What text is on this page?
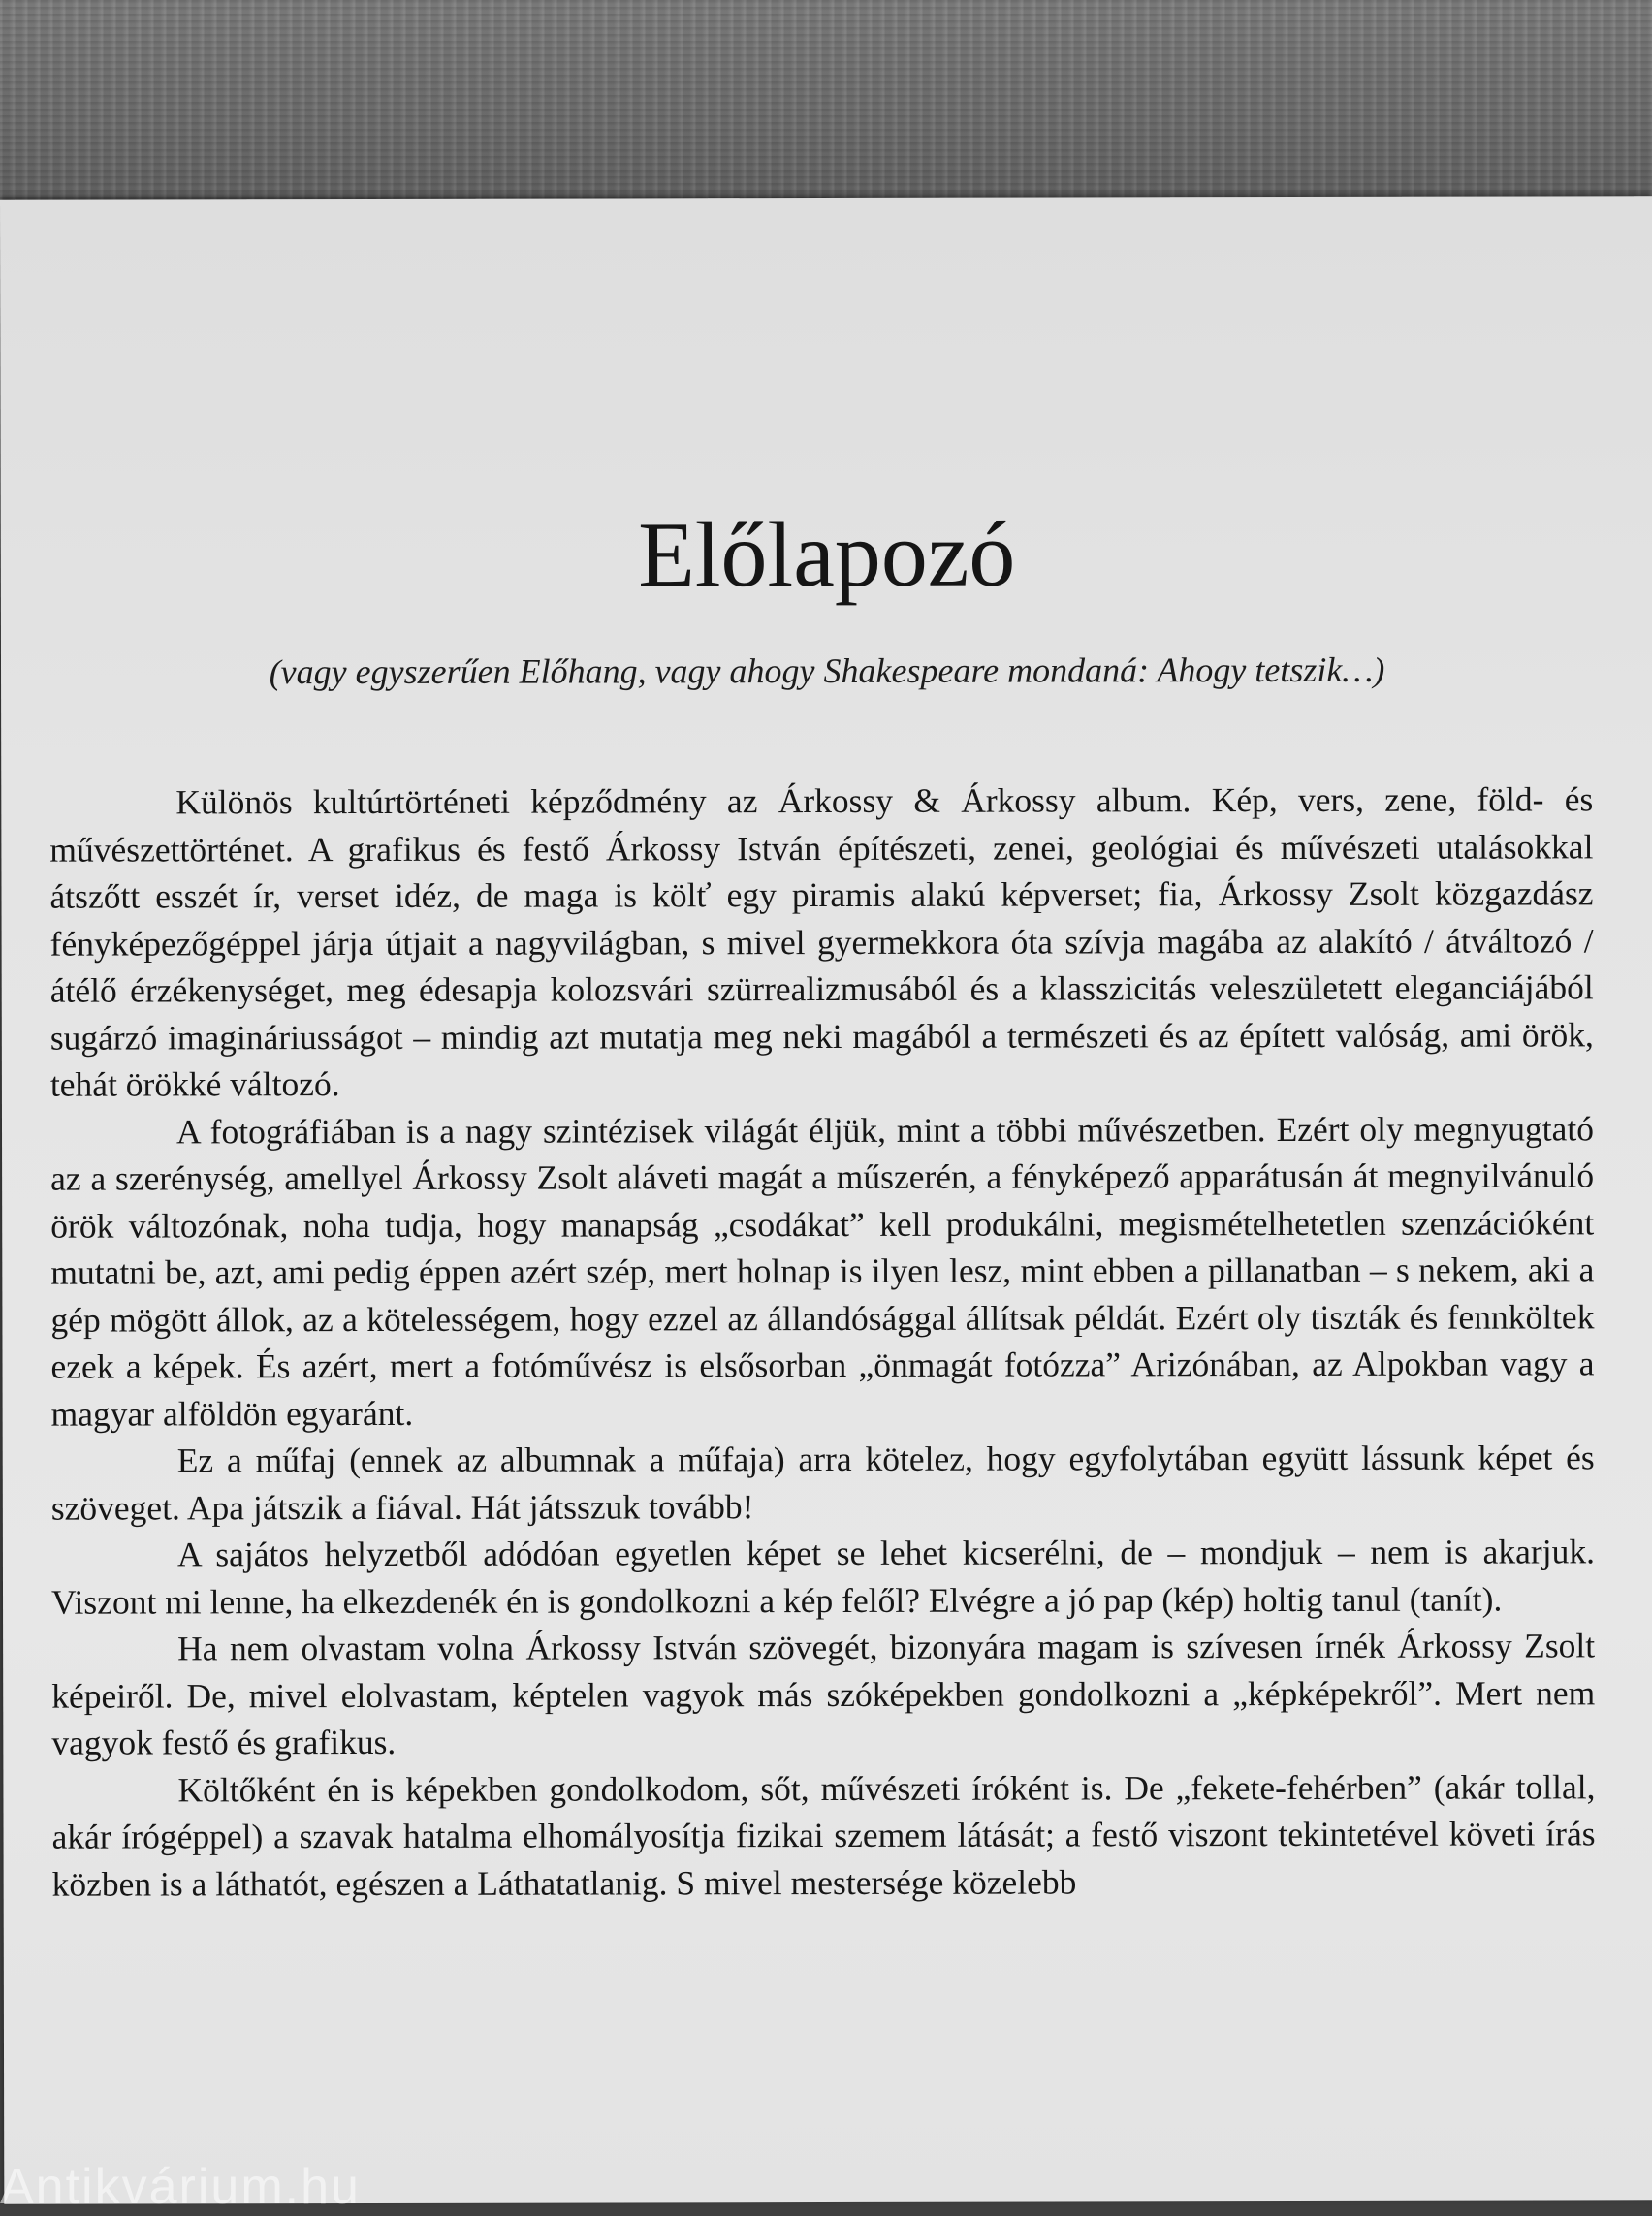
Előlapozó
(vagy egyszerűen Előhang, vagy ahogy Shakespeare mondaná: Ahogy tetszik…)

Különös kultúrtörténeti képződmény az Árkossy & Árkossy album. Kép, vers, zene, föld- és művészettörténet. A grafikus és festő Árkossy István építészeti, zenei, geológiai és művészeti utalásokkal átszőtt esszét ír, verset idéz, de maga is kölť egy piramis alakú képverset; fia, Árkossy Zsolt közgazdász fényképezőgéppel járja útjait a nagyvilágban, s mivel gyermekkora óta szívja magába az alakító / átváltozó / átélő érzékenységet, meg édesapja kolozsvári szürrealizmusából és a klasszicitás veleszületett eleganciájából sugárzó imagináriusságot – mindig azt mutatja meg neki magából a természeti és az épített valóság, ami örök, tehát örökké változó.

A fotográfiában is a nagy szintézisek világát éljük, mint a többi művészetben. Ezért oly megnyugtató az a szerénység, amellyel Árkossy Zsolt aláveti magát a műszerén, a fényképező apparátusán át megnyilvánuló örök változónak, noha tudja, hogy manapság „csodákat” kell produkálni, megismételhetetlen szenzációként mutatni be, azt, ami pedig éppen azért szép, mert holnap is ilyen lesz, mint ebben a pillanatban – s nekem, aki a gép mögött állok, az a kötelességem, hogy ezzel az állandósággal állítsak példát. Ezért oly tiszták és fennköltek ezek a képek. És azért, mert a fotóművész is elsősorban „önmagát fotózza” Arizónában, az Alpokban vagy a magyar alföldön egyaránt.

Ez a műfaj (ennek az albumnak a műfaja) arra kötelez, hogy egyfolytában együtt lássunk képet és szöveget. Apa játszik a fiával. Hát játsszuk tovább!

A sajátos helyzetből adódóan egyetlen képet se lehet kicserélni, de – mondjuk – nem is akarjuk. Viszont mi lenne, ha elkezdenék én is gondolkozni a kép felől? Elvégre a jó pap (kép) holtig tanul (tanít).

Ha nem olvastam volna Árkossy István szövegét, bizonyára magam is szívesen írnék Árkossy Zsolt képeiről. De, mivel elolvastam, képtelen vagyok más szóképekben gondolkozni a „képképekről”. Mert nem vagyok festő és grafikus.

Költőként én is képekben gondolkodom, sőt, művészeti íróként is. De „fekete-fehérben” (akár tollal, akár írógéppel) a szavak hatalma elhomályosítja fizikai szemem látását; a festő viszont tekintetével követi írás közben is a láthatót, egészen a Láthatatlanig. S mivel mestersége közelebb

Antikvárium.hu
